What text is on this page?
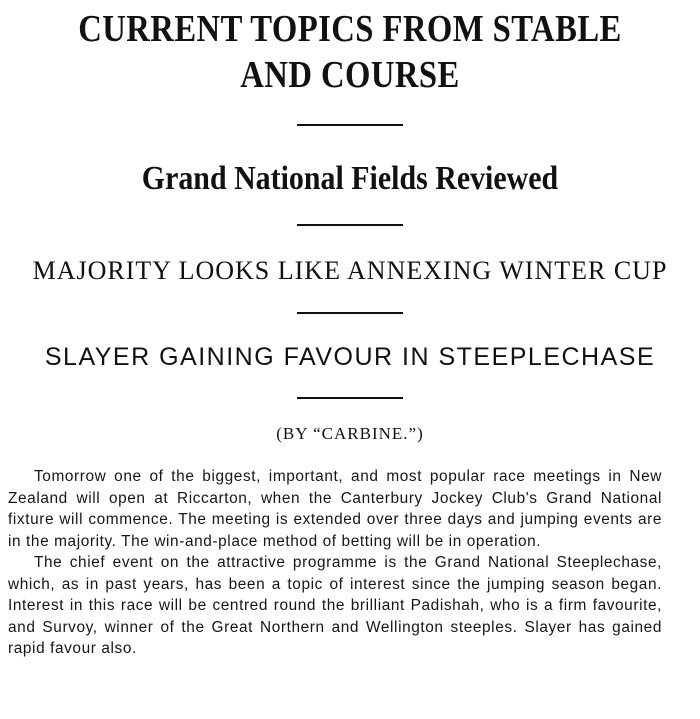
CURRENT TOPICS FROM STABLE
AND COURSE
Grand National Fields Reviewed
MAJORITY LOOKS LIKE ANNEXING WINTER CUP
SLAYER GAINING FAVOUR IN STEEPLECHASE
(BY “CARBINE.”)

Tomorrow one of the biggest, important, and most popular race meetings in New Zealand will open at Riccarton, when the Canterbury Jockey Club's Grand National fixture will commence. The meeting is extended over three days and jumping events are in the majority. The win-and-place method of betting will be in operation.

The chief event on the attractive programme is the Grand National Steeplechase, which, as in past years, has been a topic of interest since the jumping season began. Interest in this race will be centred round the brilliant Padishah, who is a firm favourite, and Survoy, winner of the Great Northern and Wellington steeples. Slayer has gained rapid favour also.
